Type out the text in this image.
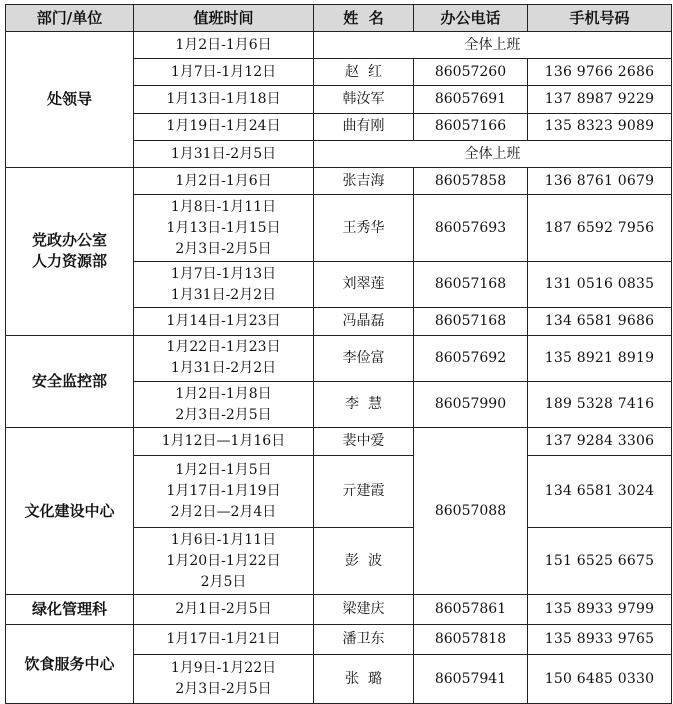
部门/单位	值班时间	姓  名	办公电话	手机号码
处领导	1月2日-1月6日	全体上班		
	1月7日-1月12日	赵  红	86057260	136 9766 2686
	1月13日-1月18日	韩汝军	86057691	137 8987 9229
	1月19日-1月24日	曲有刚	86057166	135 8323 9089
	1月31日-2月5日	全体上班		

党政办公室
人力资源部	1月2日-1月6日	张吉海	86057858	136 8761 0679

	1月8日-1月11日
1月13日-1月15日
2月3日-2月5日	王秀华	86057693	187 6592 7956

	1月7日-1月13日
1月31日-2月2日	刘翠莲	86057168	131 0516 0835
	1月14日-1月23日	冯晶磊	86057168	134 6581 9686
安全监控部	1月22日-1月23日
1月31日-2月2日	李俭富	86057692	135 8921 8919

	1月2日-1月8日
2月3日-2月5日	李  慧	86057990	189 5328 7416
文化建设中心	1月12日—1月16日	裴中爱	86057088	137 9284 3306

	1月2日-1月5日
1月17日-1月19日
2月2日—2月4日	亓建霞		134 6581 3024

	1月6日-1月11日
1月20日-1月22日
2月5日	彭  波		151 6525 6675
绿化管理科	2月1日-2月5日	梁建庆	86057861	135 8933 9799
饮食服务中心	1月17日-1月21日	潘卫东	86057818	135 8933 9765

	1月9日-1月22日
2月3日-2月5日	张  璐	86057941	150 6485 0330
